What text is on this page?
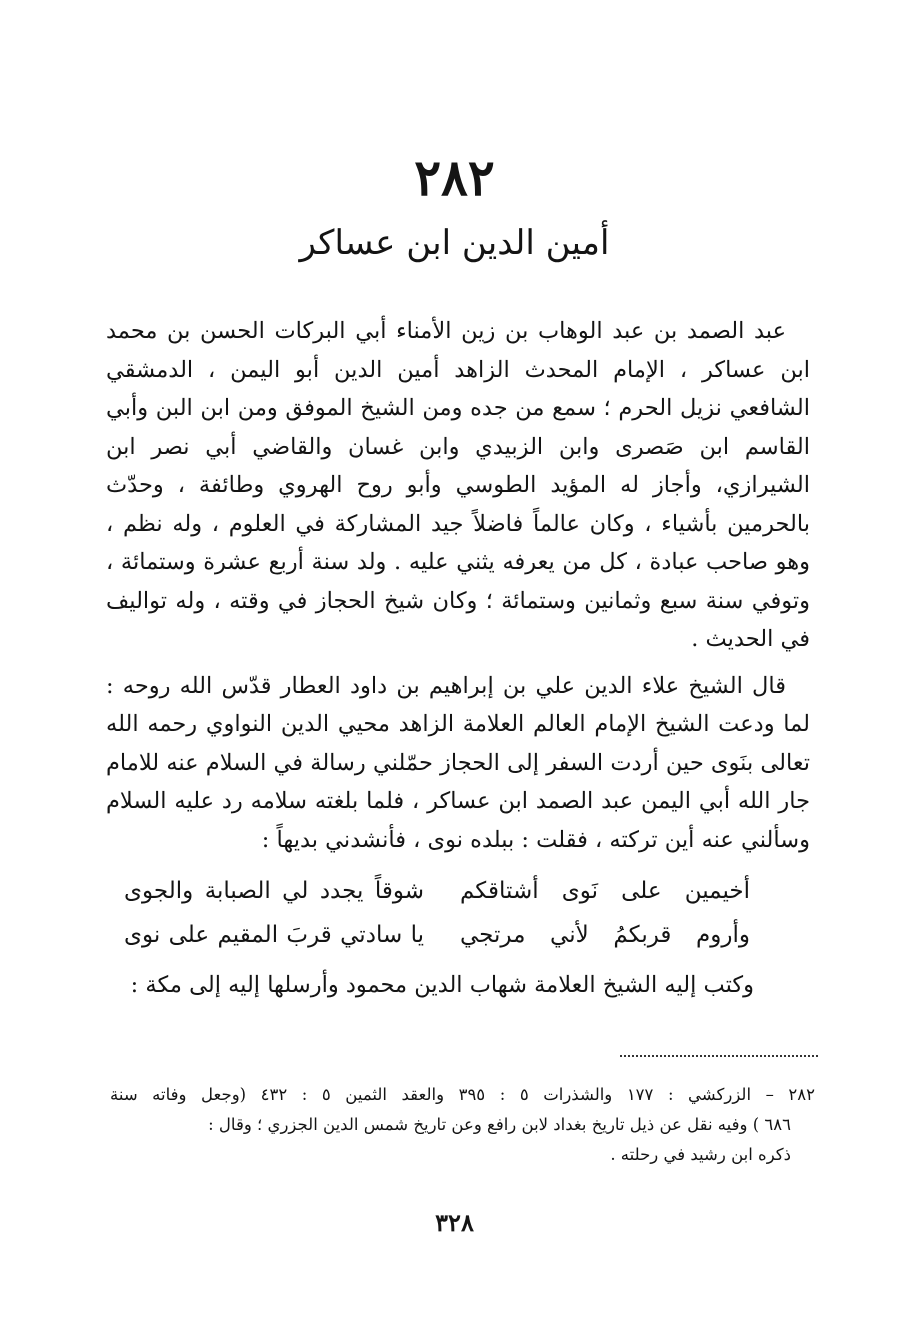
٢٨٢
أمين الدين ابن عساكر

عبد الصمد بن عبد الوهاب بن زين الأمناء أبي البركات الحسن بن محمد ابن عساكر ، الإمام المحدث الزاهد أمين الدين أبو اليمن ، الدمشقي الشافعي نزيل الحرم ؛ سمع من جده ومن الشيخ الموفق ومن ابن البن وأبي القاسم ابن صَصرى وابن الزبيدي وابن غسان والقاضي أبي نصر ابن الشيرازي، وأجاز له المؤيد الطوسي وأبو روح الهروي وطائفة ، وحدّث بالحرمين بأشياء ، وكان عالماً فاضلاً جيد المشاركة في العلوم ، وله نظم ، وهو صاحب عبادة ، كل من يعرفه يثني عليه . ولد سنة أربع عشرة وستمائة ، وتوفي سنة سبع وثمانين وستمائة ؛ وكان شيخ الحجاز في وقته ، وله تواليف في الحديث .

قال الشيخ علاء الدين علي بن إبراهيم بن داود العطار قدّس الله روحه : لما ودعت الشيخ الإمام العالم العلامة الزاهد محيي الدين النواوي رحمه الله تعالى بنَوى حين أردت السفر إلى الحجاز حمّلني رسالة في السلام عنه للامام جار الله أبي اليمن عبد الصمد ابن عساكر ، فلما بلغته سلامه رد عليه السلام وسألني عنه أين تركته ، فقلت : ببلده نوى ، فأنشدني بديهاً :

أخيمين على نَوى أشتاقكم
شوقاً يجدد لي الصبابة والجوى
وأروم قربكمُ لأني مرتجي
يا سادتي قربَ المقيم على نوى

وكتب إليه الشيخ العلامة شهاب الدين محمود وأرسلها إليه إلى مكة :

٢٨٢ – الزركشي : ١٧٧ والشذرات ٥ : ٣٩٥ والعقد الثمين ٥ : ٤٣٢ (وجعل وفاته سنة
٦٨٦ ) وفيه نقل عن ذيل تاريخ بغداد لابن رافع وعن تاريخ شمس الدين الجزري ؛ وقال :
ذكره ابن رشيد في رحلته .
٣٢٨
